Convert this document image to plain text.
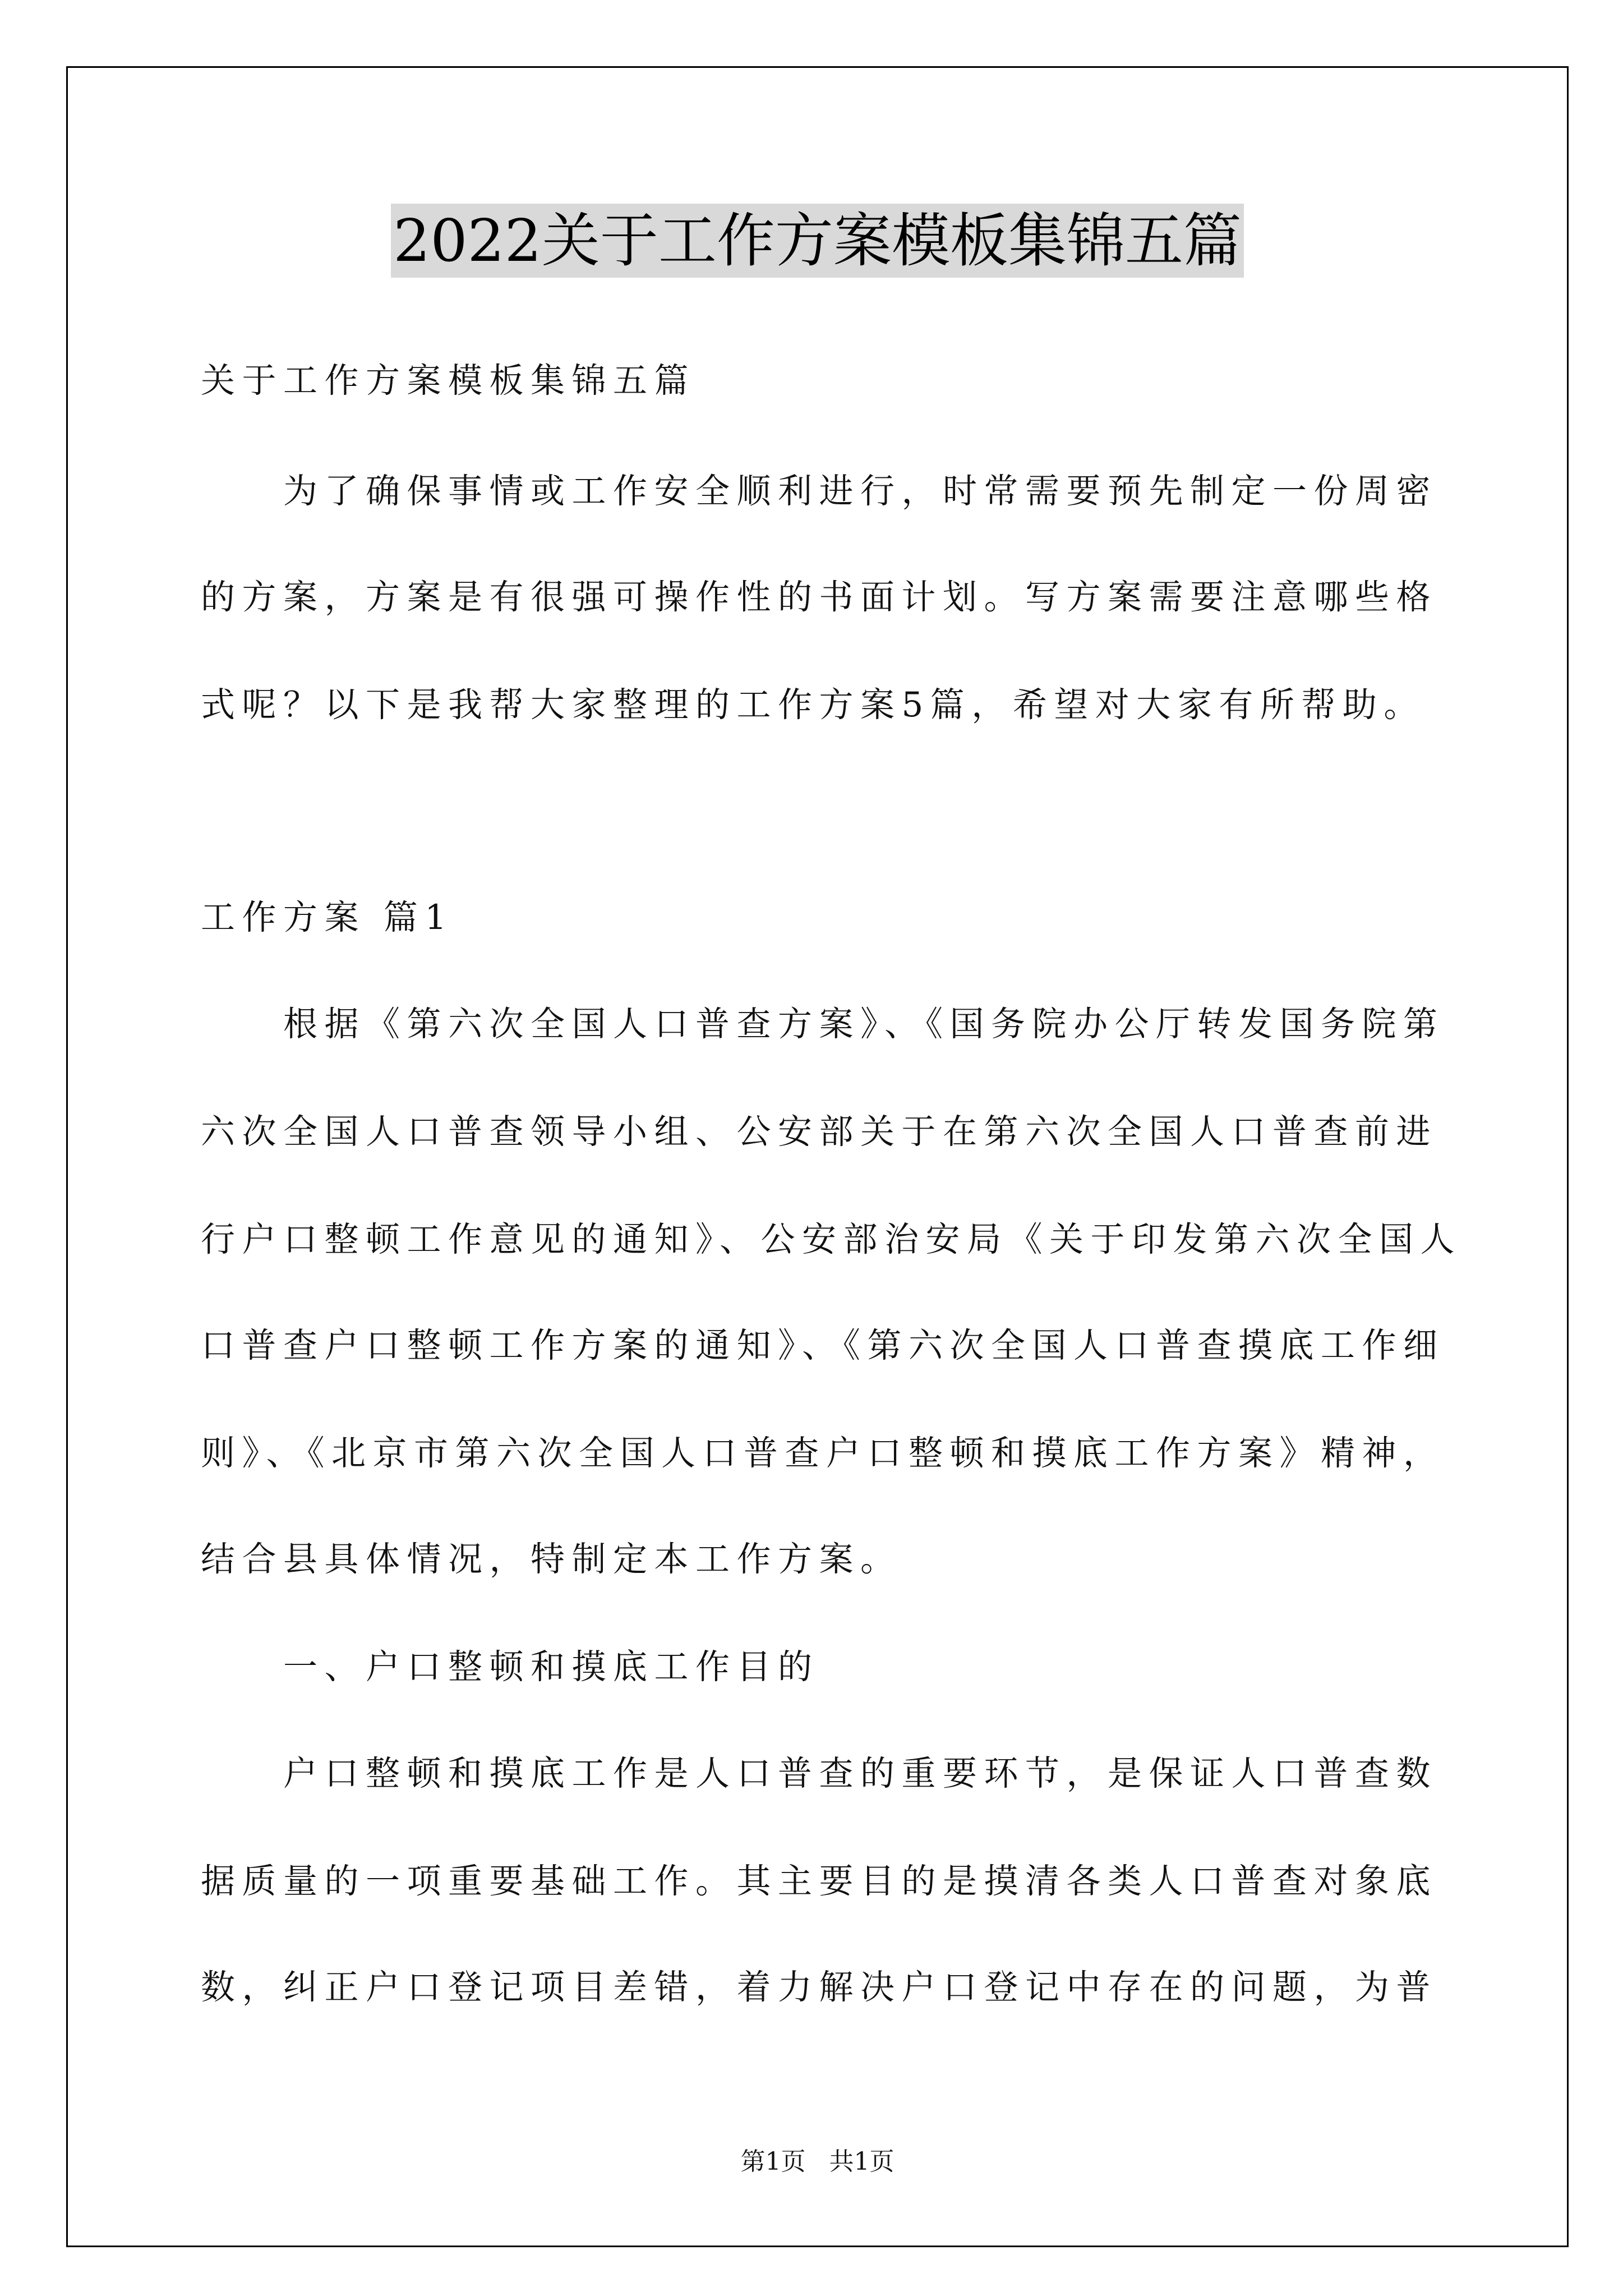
2022关于工作方案模板集锦五篇
关于工作方案模板集锦五篇
为了确保事情或工作安全顺利进行，时常需要预先制定一份周密
的方案，方案是有很强可操作性的书面计划。写方案需要注意哪些格
式呢？以下是我帮大家整理的工作方案5篇，希望对大家有所帮助。
工作方案 篇1
根据《第六次全国人口普查方案》、《国务院办公厅转发国务院第
六次全国人口普查领导小组、公安部关于在第六次全国人口普查前进
行户口整顿工作意见的通知》、公安部治安局《关于印发第六次全国人
口普查户口整顿工作方案的通知》、《第六次全国人口普查摸底工作细
则》、《北京市第六次全国人口普查户口整顿和摸底工作方案》精神，
结合县具体情况，特制定本工作方案。
一、户口整顿和摸底工作目的
户口整顿和摸底工作是人口普查的重要环节，是保证人口普查数
据质量的一项重要基础工作。其主要目的是摸清各类人口普查对象底
数，纠正户口登记项目差错，着力解决户口登记中存在的问题，为普
第1页 共1页
